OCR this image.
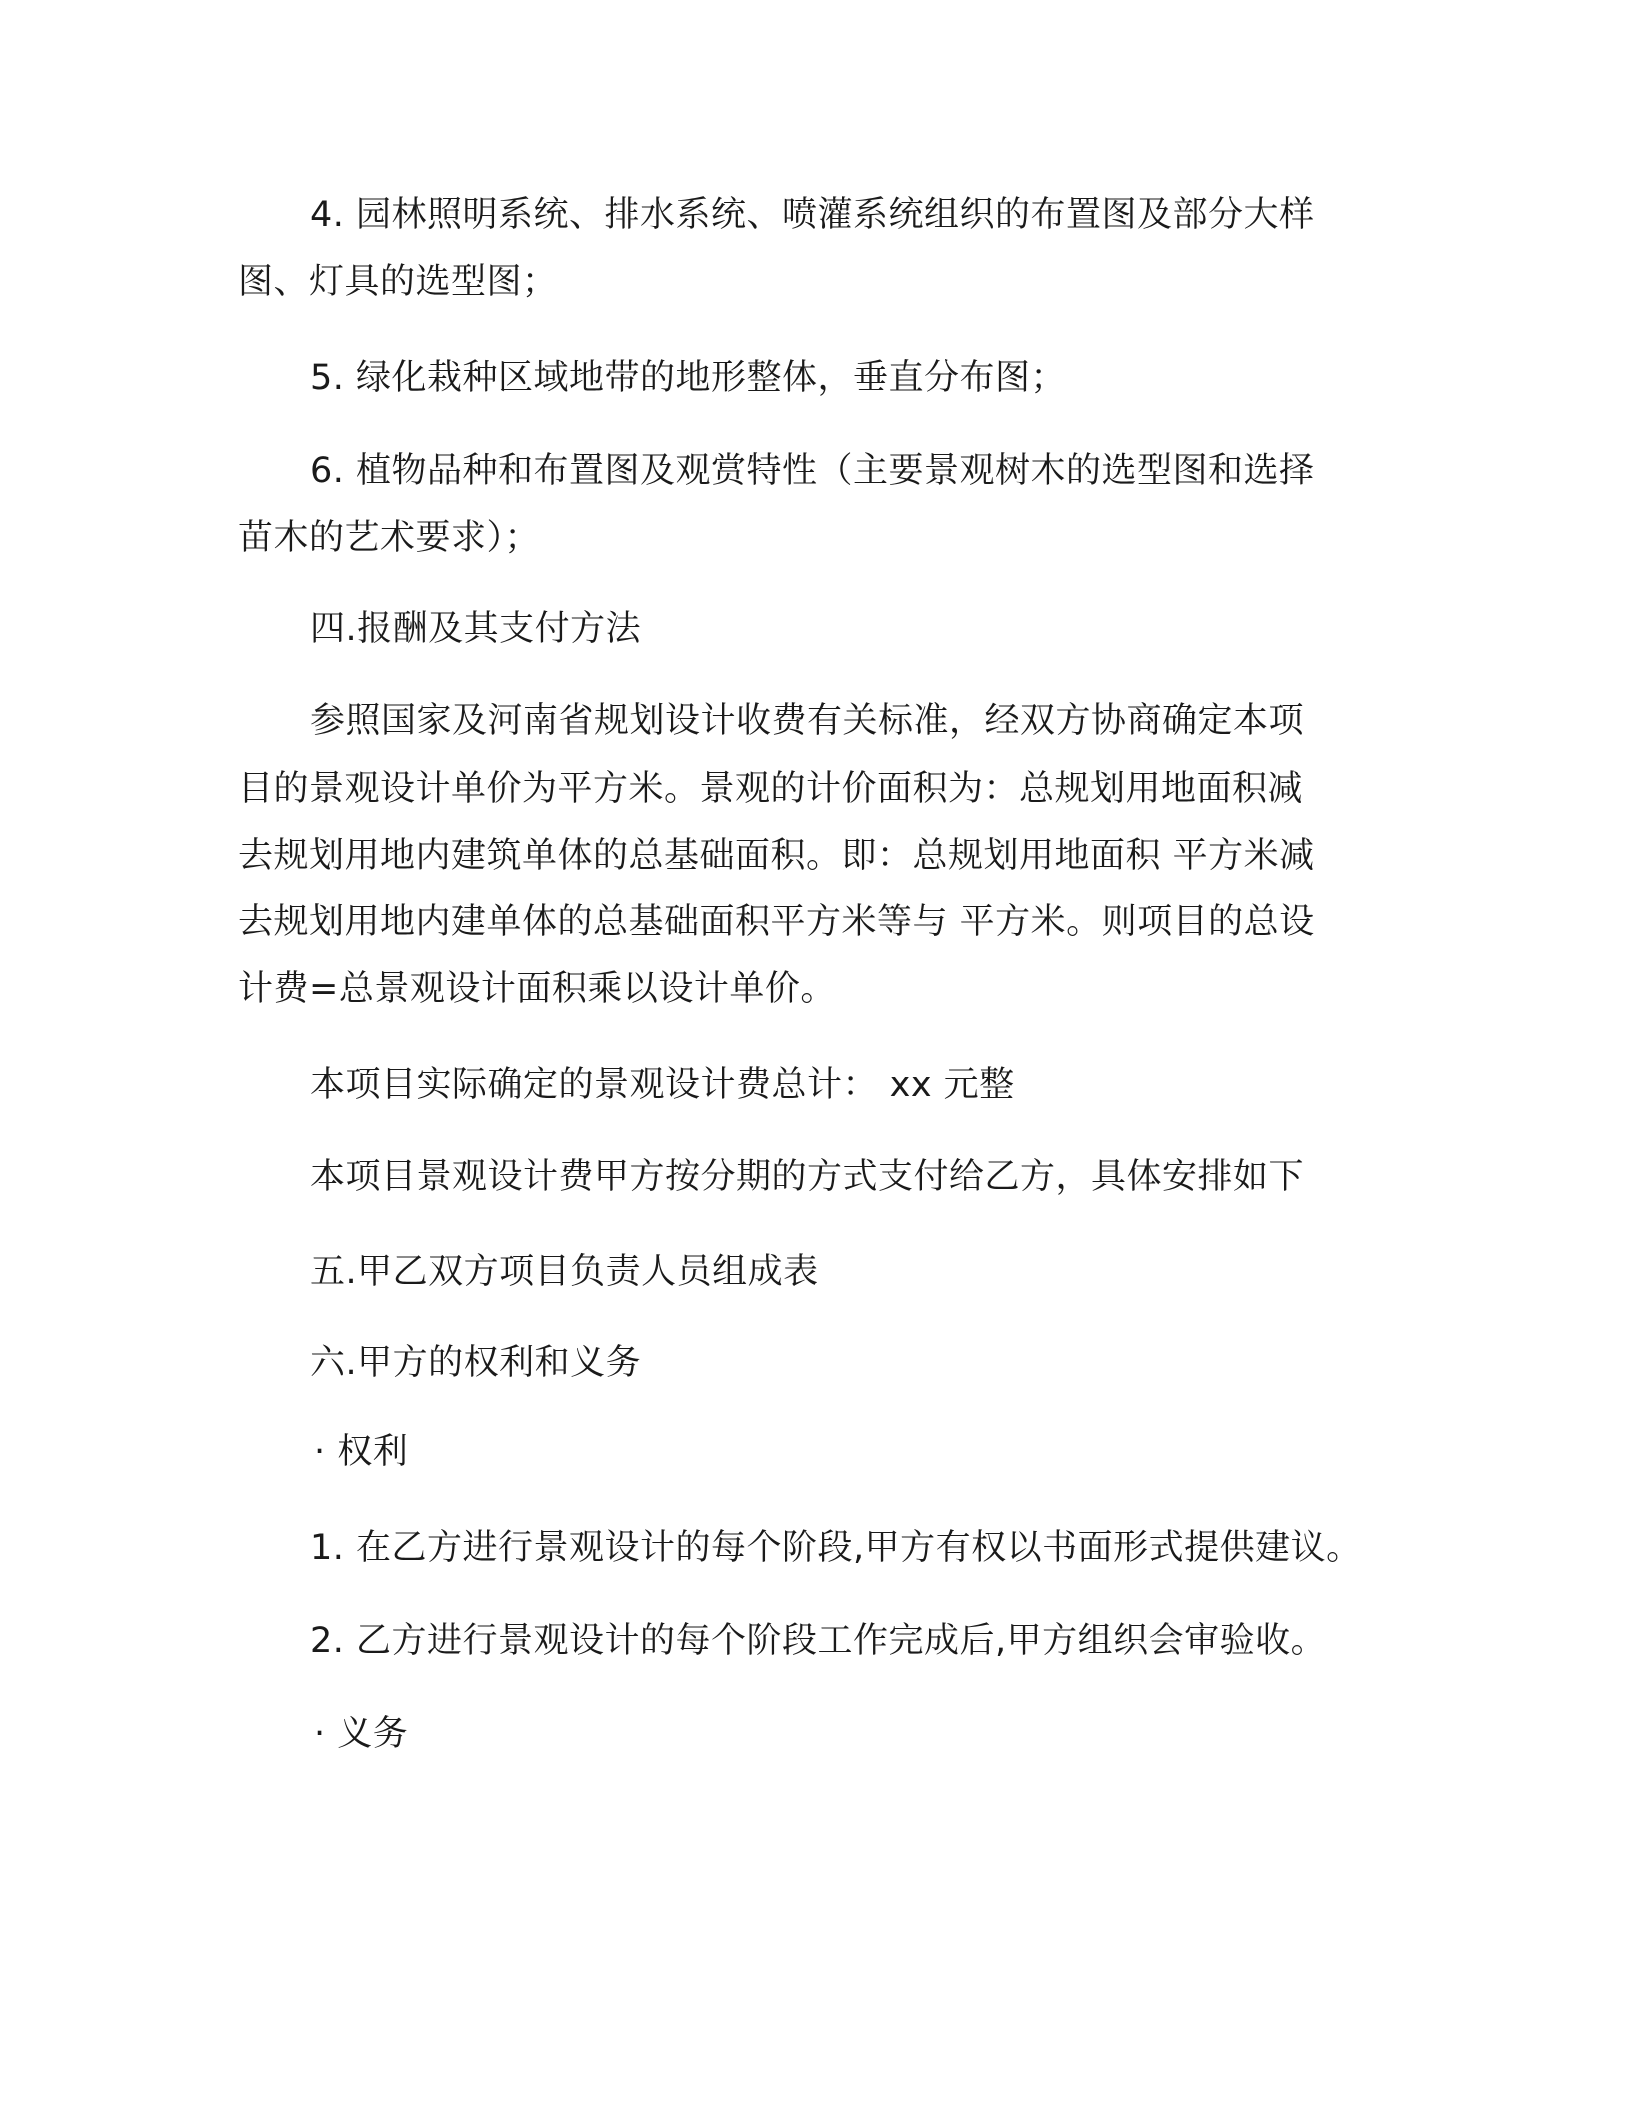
4. 园林照明系统、排水系统、喷灌系统组织的布置图及部分大样
图、灯具的选型图；
5. 绿化栽种区域地带的地形整体，垂直分布图；
6. 植物品种和布置图及观赏特性（主要景观树木的选型图和选择
苗木的艺术要求）；
四.报酬及其支付方法
参照国家及河南省规划设计收费有关标准，经双方协商确定本项
目的景观设计单价为平方米。景观的计价面积为：总规划用地面积减
去规划用地内建筑单体的总基础面积。即：总规划用地面积 平方米减
去规划用地内建单体的总基础面积平方米等与 平方米。则项目的总设
计费=总景观设计面积乘以设计单价。
本项目实际确定的景观设计费总计： xx 元整
本项目景观设计费甲方按分期的方式支付给乙方，具体安排如下
五.甲乙双方项目负责人员组成表
六.甲方的权利和义务
· 权利
1. 在乙方进行景观设计的每个阶段,甲方有权以书面形式提供建议。
2. 乙方进行景观设计的每个阶段工作完成后,甲方组织会审验收。
· 义务
